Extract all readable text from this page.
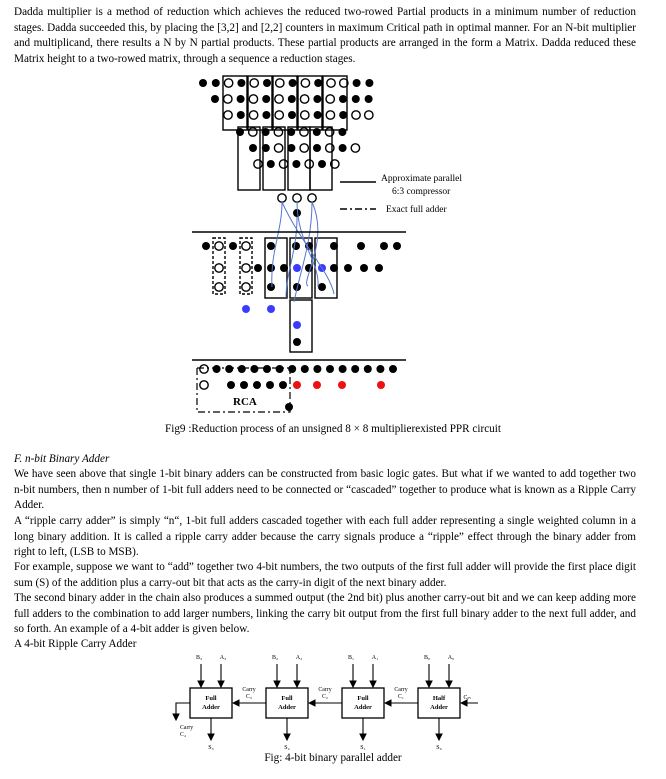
Dadda multiplier is a method of reduction which achieves the reduced two-rowed Partial products in a minimum number of reduction stages. Dadda succeeded this, by placing the [3,2] and [2,2] counters in maximum Critical path in optimal manner. For an N-bit multiplier and multiplicand, there results a N by N partial products. These partial products are arranged in the form a Matrix. Dadda reduced these Matrix height to a two-rowed matrix, through a sequence a reduction stages.

Approximate parallel
6:3 compressor
Exact full adder
RCA
Fig9 :Reduction process of an unsigned 8 × 8 multiplierexisted PPR circuit
F. n-bit Binary Adder

We have seen above that single 1-bit binary adders can be constructed from basic logic gates. But what if we wanted to add together two n-bit numbers, then n number of 1-bit full adders need to be connected or “cascaded” together to produce what is known as a Ripple Carry Adder.

A “ripple carry adder” is simply “n“, 1-bit full adders cascaded together with each full adder representing a single weighted column in a long binary addition. It is called a ripple carry adder because the carry signals produce a “ripple” effect through the binary adder from right to left, (LSB to MSB).

For example, suppose we want to “add” together two 4-bit numbers, the two outputs of the first full adder will provide the first place digit sum (S) of the addition plus a carry-out bit that acts as the carry-in digit of the next binary adder.

The second binary adder in the chain also produces a summed output (the 2nd bit) plus another carry-out bit and we can keep adding more full adders to the combination to add larger numbers, linking the carry bit output from the first full binary adder to the next full adder, and so forth. An example of a 4-bit adder is given below.

A 4-bit Ripple Carry Adder
Full
Adder
B₃	A₃
S₃
Full
Adder
B₂	A₂
S₂
Full
Adder
B₁	A₁
S₁
Half
Adder
B₀	A₀
S₀
Carry
C₃
Carry
C₂
Carry
C₁	Cᵢₙ
Carry
C₄
Fig: 4-bit binary parallel adder
